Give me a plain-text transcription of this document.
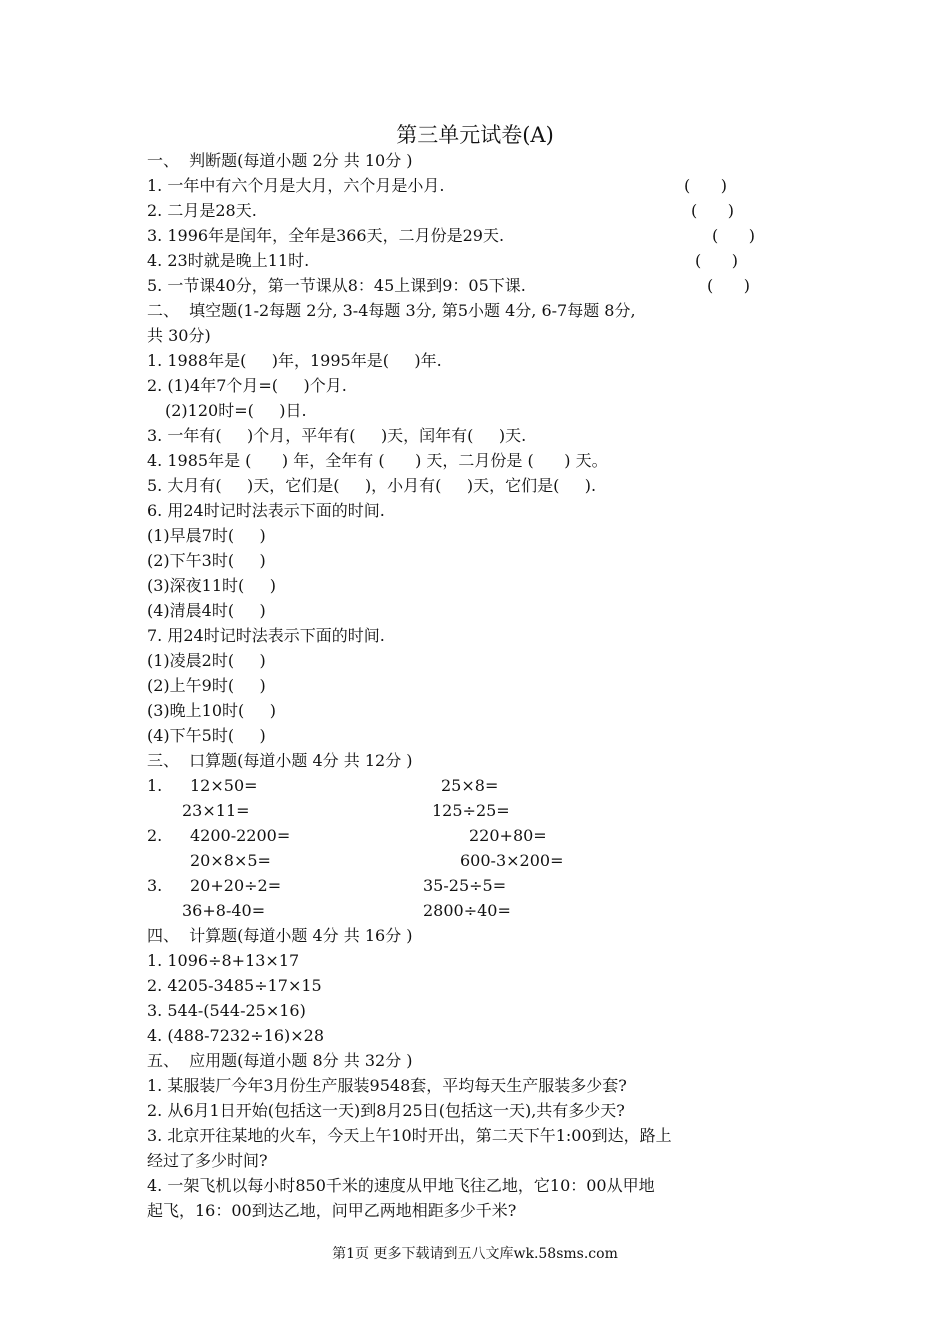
第三单元试卷(A)
一、  判断题(每道小题 2分 共 10分 )
1. 一年中有六个月是大月，六个月是小月.	(      )
2. 二月是28天.	(      )
3. 1996年是闰年，全年是366天，二月份是29天.	(      )
4. 23时就是晚上11时.	(      )
5. 一节课40分，第一节课从8：45上课到9：05下课.	(      )
二、  填空题(1-2每题 2分, 3-4每题 3分, 第5小题 4分, 6-7每题 8分,
共 30分)
1. 1988年是(     )年，1995年是(     )年.
2. (1)4年7个月=(     )个月.
(2)120时=(     )日.
3. 一年有(     )个月，平年有(     )天，闰年有(     )天.
4. 1985年是 (      ) 年，全年有 (      ) 天，二月份是 (      ) 天。
5. 大月有(     )天，它们是(     )，小月有(     )天，它们是(     ).
6. 用24时记时法表示下面的时间.
(1)早晨7时(     )
(2)下午3时(     )
(3)深夜11时(     )
(4)清晨4时(     )
7. 用24时记时法表示下面的时间.
(1)凌晨2时(     )
(2)上午9时(     )
(3)晚上10时(     )
(4)下午5时(     )
三、  口算题(每道小题 4分 共 12分 )
1. 12×50=	25×8=
23×11=	125÷25=
2. 4200-2200=	220+80=
20×8×5=	600-3×200=
3. 20+20÷2=	35-25÷5=
36+8-40=	2800÷40=
四、  计算题(每道小题 4分 共 16分 )
1. 1096÷8+13×17
2. 4205-3485÷17×15
3. 544-(544-25×16)
4. (488-7232÷16)×28
五、  应用题(每道小题 8分 共 32分 )
1. 某服装厂今年3月份生产服装9548套，平均每天生产服装多少套?
2. 从6月1日开始(包括这一天)到8月25日(包括这一天),共有多少天?
3. 北京开往某地的火车，今天上午10时开出，第二天下午1:00到达，路上
经过了多少时间?
4. 一架飞机以每小时850千米的速度从甲地飞往乙地，它10：00从甲地
起飞，16：00到达乙地，问甲乙两地相距多少千米?
第1页 更多下载请到五八文库wk.58sms.com
